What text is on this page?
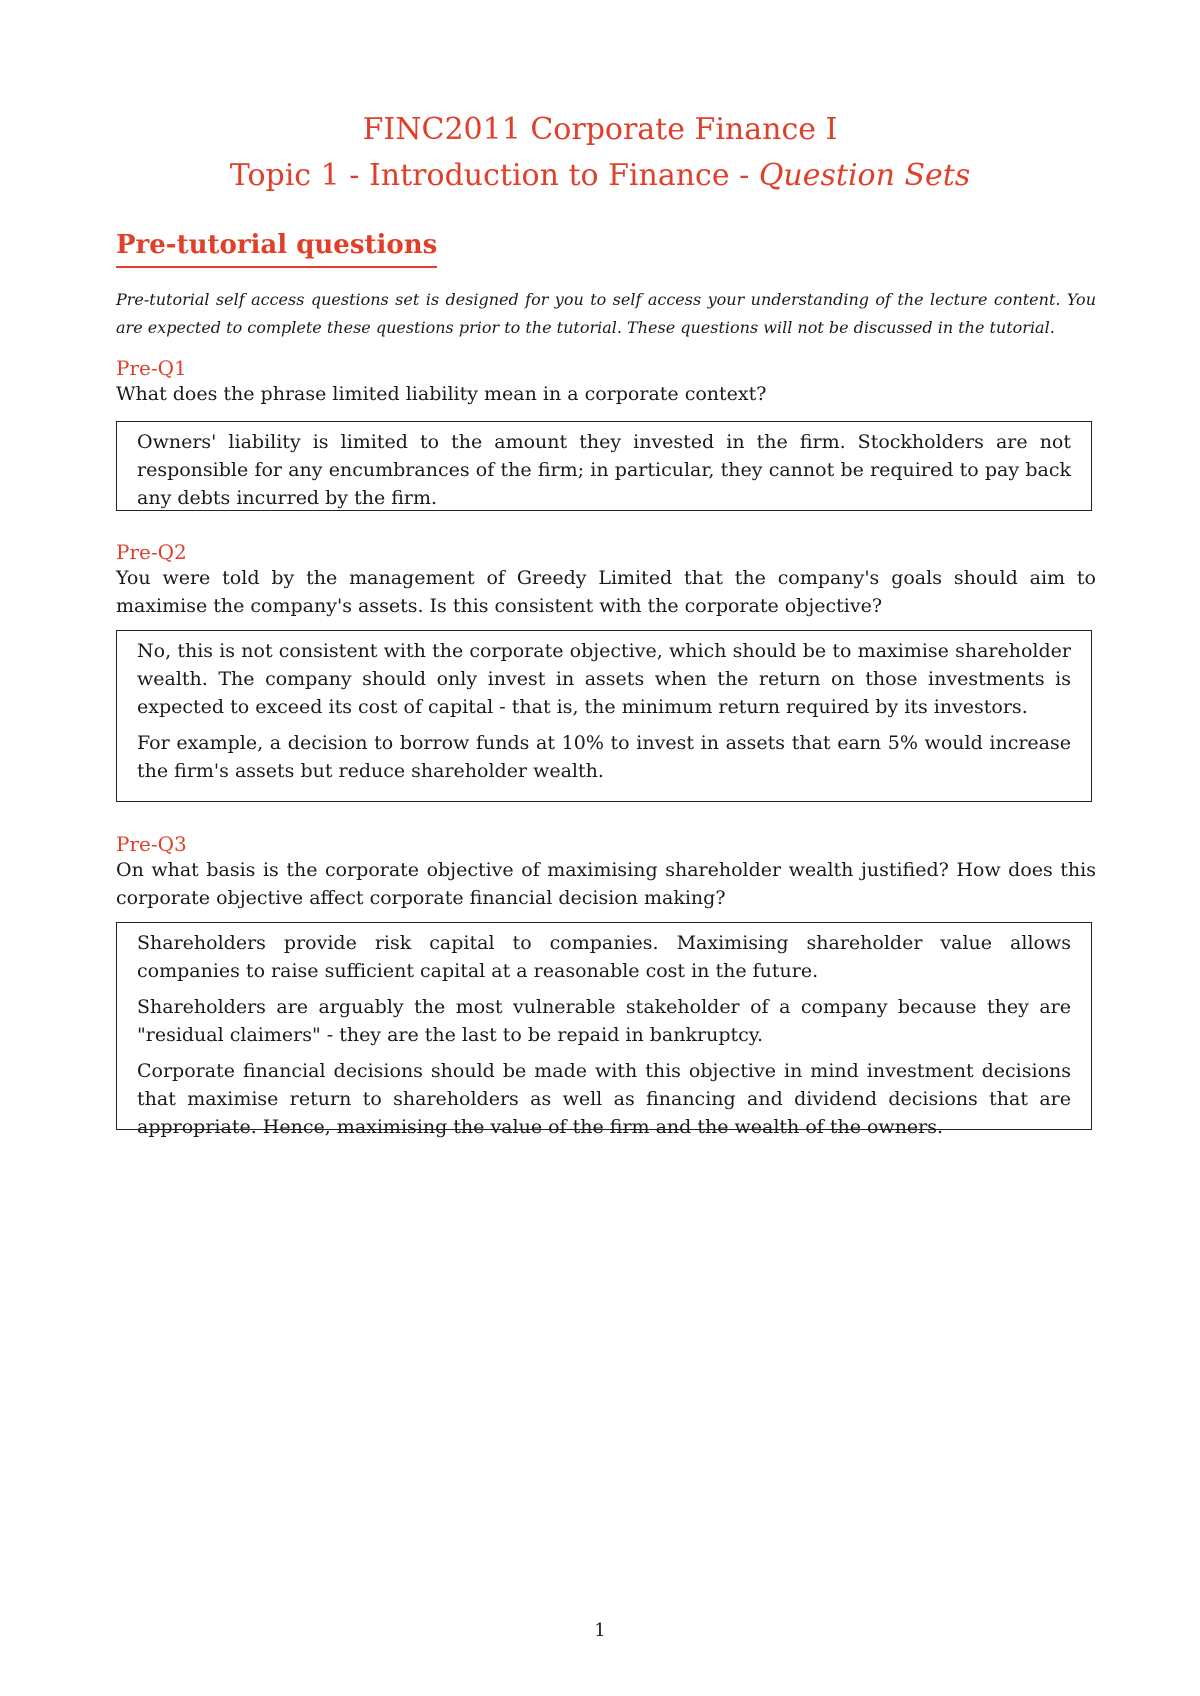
FINC2011 Corporate Finance I
Topic 1 - Introduction to Finance - Question Sets
Pre-tutorial questions
Pre-tutorial self access questions set is designed for you to self access your understanding of the lecture content. You are expected to complete these questions prior to the tutorial. These questions will not be discussed in the tutorial.
Pre-Q1
What does the phrase limited liability mean in a corporate context?

Owners' liability is limited to the amount they invested in the firm. Stockholders are not responsible for any encumbrances of the firm; in particular, they cannot be required to pay back any debts incurred by the firm.

Pre-Q2
You were told by the management of Greedy Limited that the company's goals should aim to maximise the company's assets. Is this consistent with the corporate objective?

No, this is not consistent with the corporate objective, which should be to maximise shareholder wealth. The company should only invest in assets when the return on those investments is expected to exceed its cost of capital - that is, the minimum return required by its investors.

For example, a decision to borrow funds at 10% to invest in assets that earn 5% would increase the firm's assets but reduce shareholder wealth.

Pre-Q3
On what basis is the corporate objective of maximising shareholder wealth justified? How does this corporate objective affect corporate financial decision making?

Shareholders provide risk capital to companies. Maximising shareholder value allows companies to raise sufficient capital at a reasonable cost in the future.

Shareholders are arguably the most vulnerable stakeholder of a company because they are "residual claimers" - they are the last to be repaid in bankruptcy.

Corporate financial decisions should be made with this objective in mind investment decisions that maximise return to shareholders as well as financing and dividend decisions that are appropriate. Hence, maximising the value of the firm and the wealth of the owners.

1
